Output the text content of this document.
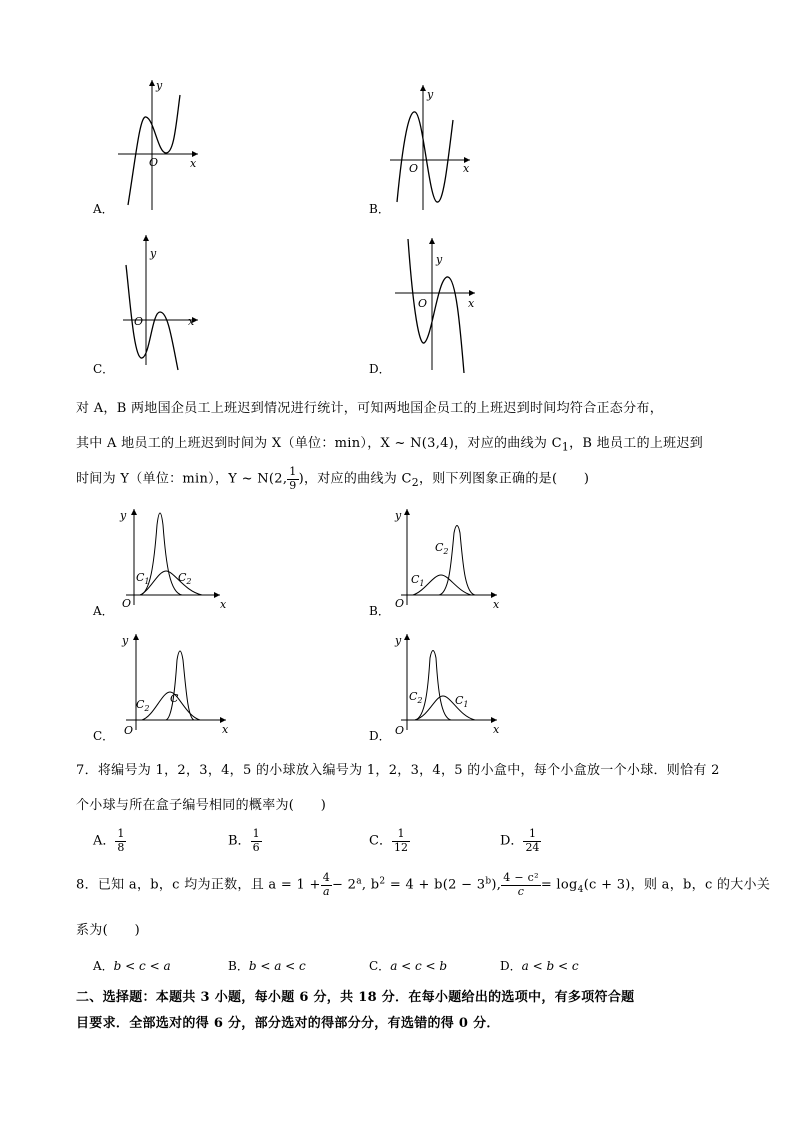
y
x
O
A．
y
x
O
B．
y
x
O
C．
y
x
O
D．
对 A，B 两地国企员工上班迟到情况进行统计，可知两地国企员工的上班迟到时间均符合正态分布，
其中 A 地员工的上班迟到时间为 X（单位：min），X ~ N(3,4)，对应的曲线为 $C_1$，B 地员工的上班迟到
时间为 Y（单位：min），Y ~ N(2, $\frac{1}{9}$ )，对应的曲线为 $C_2$，则下列图象正确的是(　　)
y
x
O
$C_1$	$C_2$
A．
y
x
O
$C_1$
$C_2$
B．
y
x
O
$C_2$
C
C．
y
x
O
$C_2$	$C_1$
D．
7．将编号为 1，2，3，4，5 的小球放入编号为 1，2，3，4，5 的小盒中，每个小盒放一个小球．则恰有 2
个小球与所在盒子编号相同的概率为(　　)
A． $\frac{1}{8}$	B． $\frac{1}{6}$	C． $\frac{1}{12}$	D． $\frac{1}{24}$
8．已知 a，b，c 均为正数，且 $a = 1 + \frac{4}{a} - 2^a$, $b^2 = 4 + b(2 - 3^b)$, $\frac{\text{4 − c²}}{c} = \log_4(c + 3)$，则 a，b，c 的大小关
系为(　　)
A．b < c < a	B．b < a < c	C．a < c < b	D．a < b < c
二、选择题：本题共 3 小题，每小题 6 分，共 18 分．在每小题给出的选项中，有多项符合题
目要求．全部选对的得 6 分，部分选对的得部分分，有选错的得 0 分．
